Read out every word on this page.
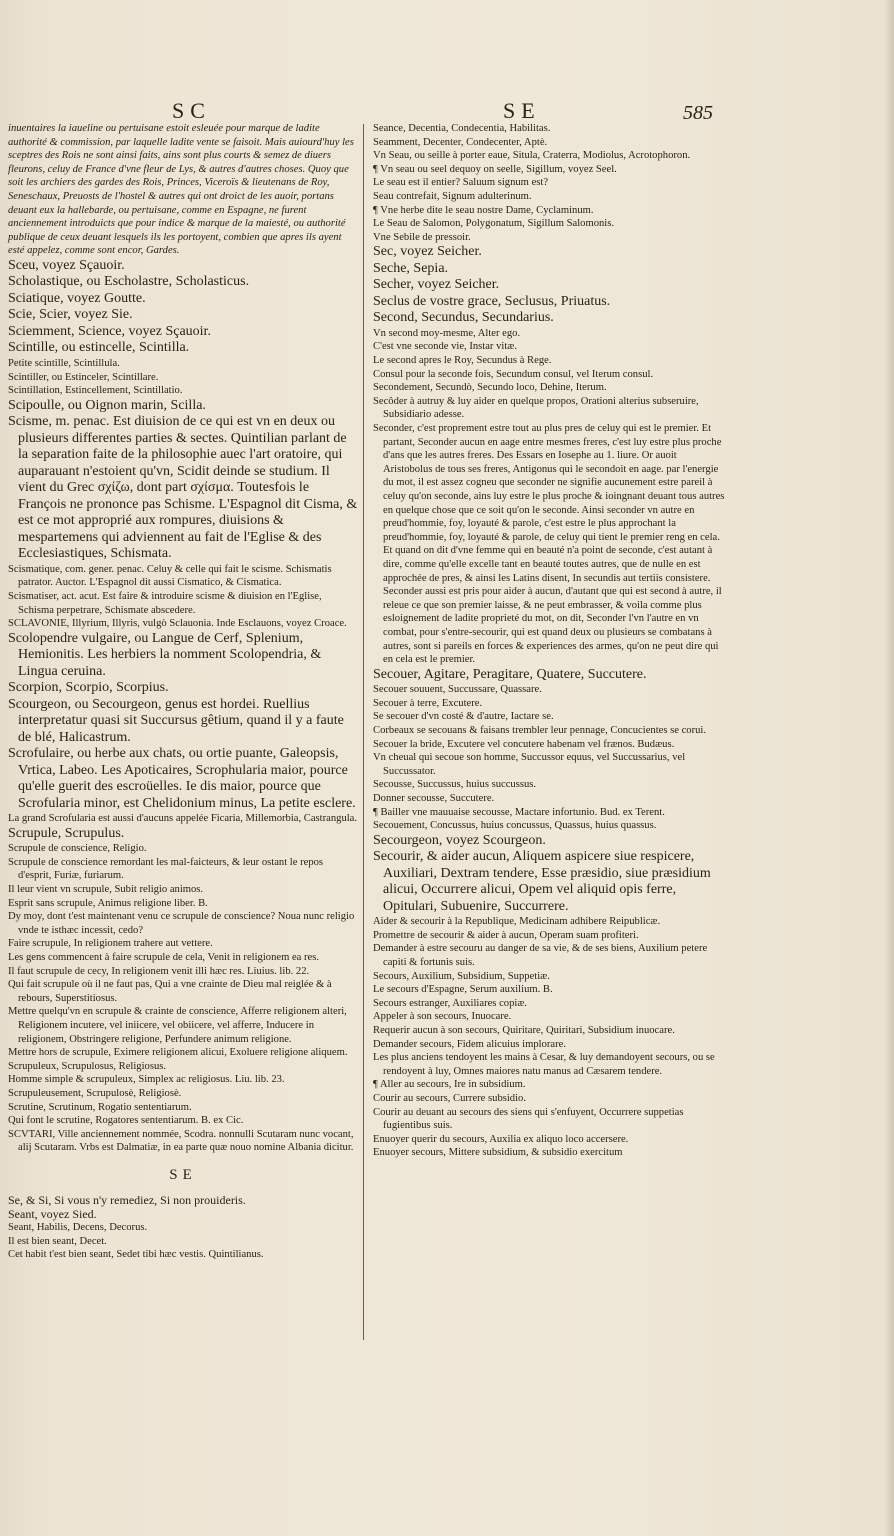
SC	SE	585

inuentaires la iaueline ou pertuisane estoit esleuée pour marque de ladite authorité & commission, par laquelle ladite vente se faisoit. Mais auiourd'huy les sceptres des Rois ne sont ainsi faits, ains sont plus courts & semez de diuers fleurons, celuy de France d'vne fleur de Lys, & autres d'autres choses. Quoy que soit les archiers des gardes des Rois, Princes, Viceroïs & lieutenans de Roy, Seneschaux, Preuosts de l'hostel & autres qui ont droict de les auoir, portans deuant eux la hallebarde, ou pertuisane, comme en Espagne, ne furent anciennement introduicts que pour indice & marque de la maiesté, ou authorité publique de ceux deuant lesquels ils les portoyent, combien que apres ils ayent esté appelez, comme sont encor, Gardes.

Sceu, voyez Sçauoir.

Scholastique, ou Escholastre, Scholasticus.

Sciatique, voyez Goutte.

Scie, Scier, voyez Sie.

Sciemment, Science, voyez Sçauoir.

Scintille, ou estincelle, Scintilla.

Petite scintille, Scintillula.

Scintiller, ou Estinceler, Scintillare.

Scintillation, Estincellement, Scintillatio.

Scipoulle, ou Oignon marin, Scilla.

Scisme, m. penac. Est diuision de ce qui est vn en deux ou plusieurs differentes parties & sectes. Quintilian parlant de la separation faite de la philosophie auec l'art oratoire, qui auparauant n'estoient qu'vn, Scidit deinde se studium. Il vient du Grec σχίζω, dont part σχίσμα. Toutesfois le François ne prononce pas Schisme. L'Espagnol dit Cisma, & est ce mot approprié aux rompures, diuisions & mespartemens qui adviennent au fait de l'Eglise & des Ecclesiastiques, Schismata.

Scismatique, com. gener. penac. Celuy & celle qui fait le scisme. Schismatis patrator. Auctor. L'Espagnol dit aussi Cismatico, & Cismatica.

Scismatiser, act. acut. Est faire & introduire scisme & diuision en l'Eglise, Schisma perpetrare, Schismate abscedere.

SCLAVONIE, Illyrium, Illyris, vulgò Sclauonia. Inde Esclauons, voyez Croace.

Scolopendre vulgaire, ou Langue de Cerf, Splenium, Hemionitis. Les herbiers la nomment Scolopendria, & Lingua ceruina.

Scorpion, Scorpio, Scorpius.

Scourgeon, ou Secourgeon, genus est hordei. Ruellius interpretatur quasi sit Succursus gêtium, quand il y a faute de blé, Halicastrum.

Scrofulaire, ou herbe aux chats, ou ortie puante, Galeopsis, Vrtica, Labeo. Les Apoticaires, Scrophularia maior, pource qu'elle guerit des escroüelles. Ie dis maior, pource que Scrofularia minor, est Chelidonium minus, La petite esclere.

La grand Scrofularia est aussi d'aucuns appelée Ficaria, Millemorbia, Castrangula.

Scrupule, Scrupulus.

Scrupule de conscience, Religio.

Scrupule de conscience remordant les mal-faicteurs, & leur ostant le repos d'esprit, Furiæ, furiarum.

Il leur vient vn scrupule, Subit religio animos.

Esprit sans scrupule, Animus religione liber. B.

Dy moy, dont t'est maintenant venu ce scrupule de conscience? Noua nunc religio vnde te isthæc incessit, cedo?

Faire scrupule, In religionem trahere aut vettere.

Les gens commencent à faire scrupule de cela, Venit in religionem ea res.

Il faut scrupule de cecy, In religionem venit illi hæc res. Liuius. lib. 22.

Qui fait scrupule où il ne faut pas, Qui a vne crainte de Dieu mal reiglée & à rebours, Superstitiosus.

Mettre quelqu'vn en scrupule & crainte de conscience, Afferre religionem alteri, Religionem incutere, vel iniicere, vel obiicere, vel afferre, Inducere in religionem, Obstringere religione, Perfundere animum religione.

Mettre hors de scrupule, Eximere religionem alicui, Exoluere religione aliquem.

Scrupuleux, Scrupulosus, Religiosus.

Homme simple & scrupuleux, Simplex ac religiosus. Liu. lib. 23.

Scrupuleusement, Scrupulosè, Religiosè.

Scrutine, Scrutinum, Rogatio sententiarum.

Qui font le scrutine, Rogatores sententiarum. B. ex Cic.

SCVTARI, Ville anciennement nommée, Scodra. nonnulli Scutaram nunc vocant, alij Scutaram. Vrbs est Dalmatiæ, in ea parte quæ nouo nomine Albania dicitur.

SE

Se, & Si, Si vous n'y remediez, Si non prouideris.

Seant, voyez Sied.

Seant, Habilis, Decens, Decorus.

Il est bien seant, Decet.

Cet habit t'est bien seant, Sedet tibi hæc vestis. Quintilianus.

Seance, Decentia, Condecentia, Habilitas.

Seamment, Decenter, Condecenter, Aptè.

Vn Seau, ou seille à porter eaue, Situla, Craterra, Modiolus, Acrotophoron.

¶ Vn seau ou seel dequoy on seelle, Sigillum, voyez Seel.

Le seau est il entier? Saluum signum est?

Seau contrefait, Signum adulterinum.

¶ Vne herbe dite le seau nostre Dame, Cyclaminum.

Le Seau de Salomon, Polygonatum, Sigillum Salomonis.

Vne Sebile de pressoir.

Sec, voyez Seicher.

Seche, Sepia.

Secher, voyez Seicher.

Seclus de vostre grace, Seclusus, Priuatus.

Second, Secundus, Secundarius.

Vn second moy-mesme, Alter ego.

C'est vne seconde vie, Instar vitæ.

Le second apres le Roy, Secundus à Rege.

Consul pour la seconde fois, Secundum consul, vel Iterum consul.

Secondement, Secundò, Secundo loco, Dehine, Iterum.

Secôder à autruy & luy aider en quelque propos, Orationi alterius subseruire, Subsidiario adesse.

Seconder, c'est proprement estre tout au plus pres de celuy qui est le premier. Et partant, Seconder aucun en aage entre mesmes freres, c'est luy estre plus proche d'ans que les autres freres. Des Essars en Iosephe au 1. liure. Or auoit Aristobolus de tous ses freres, Antigonus qui le secondoit en aage. par l'energie du mot, il est assez cogneu que seconder ne signifie aucunement estre pareil à celuy qu'on seconde, ains luy estre le plus proche & ioingnant deuant tous autres en quelque chose que ce soit qu'on le seconde. Ainsi seconder vn autre en preud'hommie, foy, loyauté & parole, c'est estre le plus approchant la preud'hommie, foy, loyauté & parole, de celuy qui tient le premier reng en cela. Et quand on dit d'vne femme qui en beauté n'a point de seconde, c'est autant à dire, comme qu'elle excelle tant en beauté toutes autres, que de nulle en est approchée de pres, & ainsi les Latins disent, In secundis aut tertiis consistere. Seconder aussi est pris pour aider à aucun, d'autant que qui est second à autre, il releue ce que son premier laisse, & ne peut embrasser, & voila comme plus esloignement de ladite proprieté du mot, on dit, Seconder l'vn l'autre en vn combat, pour s'entre-secourir, qui est quand deux ou plusieurs se combatans à autres, sont si pareils en forces & experiences des armes, qu'on ne peut dire qui en cela est le premier.

Secouer, Agitare, Peragitare, Quatere, Succutere.

Secouer souuent, Succussare, Quassare.

Secouer à terre, Excutere.

Se secouer d'vn costé & d'autre, Iactare se.

Corbeaux se secouans & faisans trembler leur pennage, Concucientes se corui.

Secouer la bride, Excutere vel concutere habenam vel frænos. Budæus.

Vn cheual qui secoue son homme, Succussor equus, vel Succussarius, vel Succussator.

Secousse, Succussus, huius succussus.

Donner secousse, Succutere.

¶ Bailler vne mauuaise secousse, Mactare infortunio. Bud. ex Terent.

Secouement, Concussus, huius concussus, Quassus, huius quassus.

Secourgeon, voyez Scourgeon.

Secourir, & aider aucun, Aliquem aspicere siue respicere, Auxiliari, Dextram tendere, Esse præsidio, siue præsidium alicui, Occurrere alicui, Opem vel aliquid opis ferre, Opitulari, Subuenire, Succurrere.

Aider & secourir à la Republique, Medicinam adhibere Reipublicæ.

Promettre de secourir & aider à aucun, Operam suam profiteri.

Demander à estre secouru au danger de sa vie, & de ses biens, Auxilium petere capiti & fortunis suis.

Secours, Auxilium, Subsidium, Suppetiæ.

Le secours d'Espagne, Serum auxilium. B.

Secours estranger, Auxiliares copiæ.

Appeler à son secours, Inuocare.

Requerir aucun à son secours, Quiritare, Quiritari, Subsidium inuocare.

Demander secours, Fidem alicuius implorare.

Les plus anciens tendoyent les mains à Cesar, & luy demandoyent secours, ou se rendoyent à luy, Omnes maiores natu manus ad Cæsarem tendere.

¶ Aller au secours, Ire in subsidium.

Courir au secours, Currere subsidio.

Courir au deuant au secours des siens qui s'enfuyent, Occurrere suppetias fugientibus suis.

Enuoyer querir du secours, Auxilia ex aliquo loco accersere.

Enuoyer secours, Mittere subsidium, & subsidio exercitum
